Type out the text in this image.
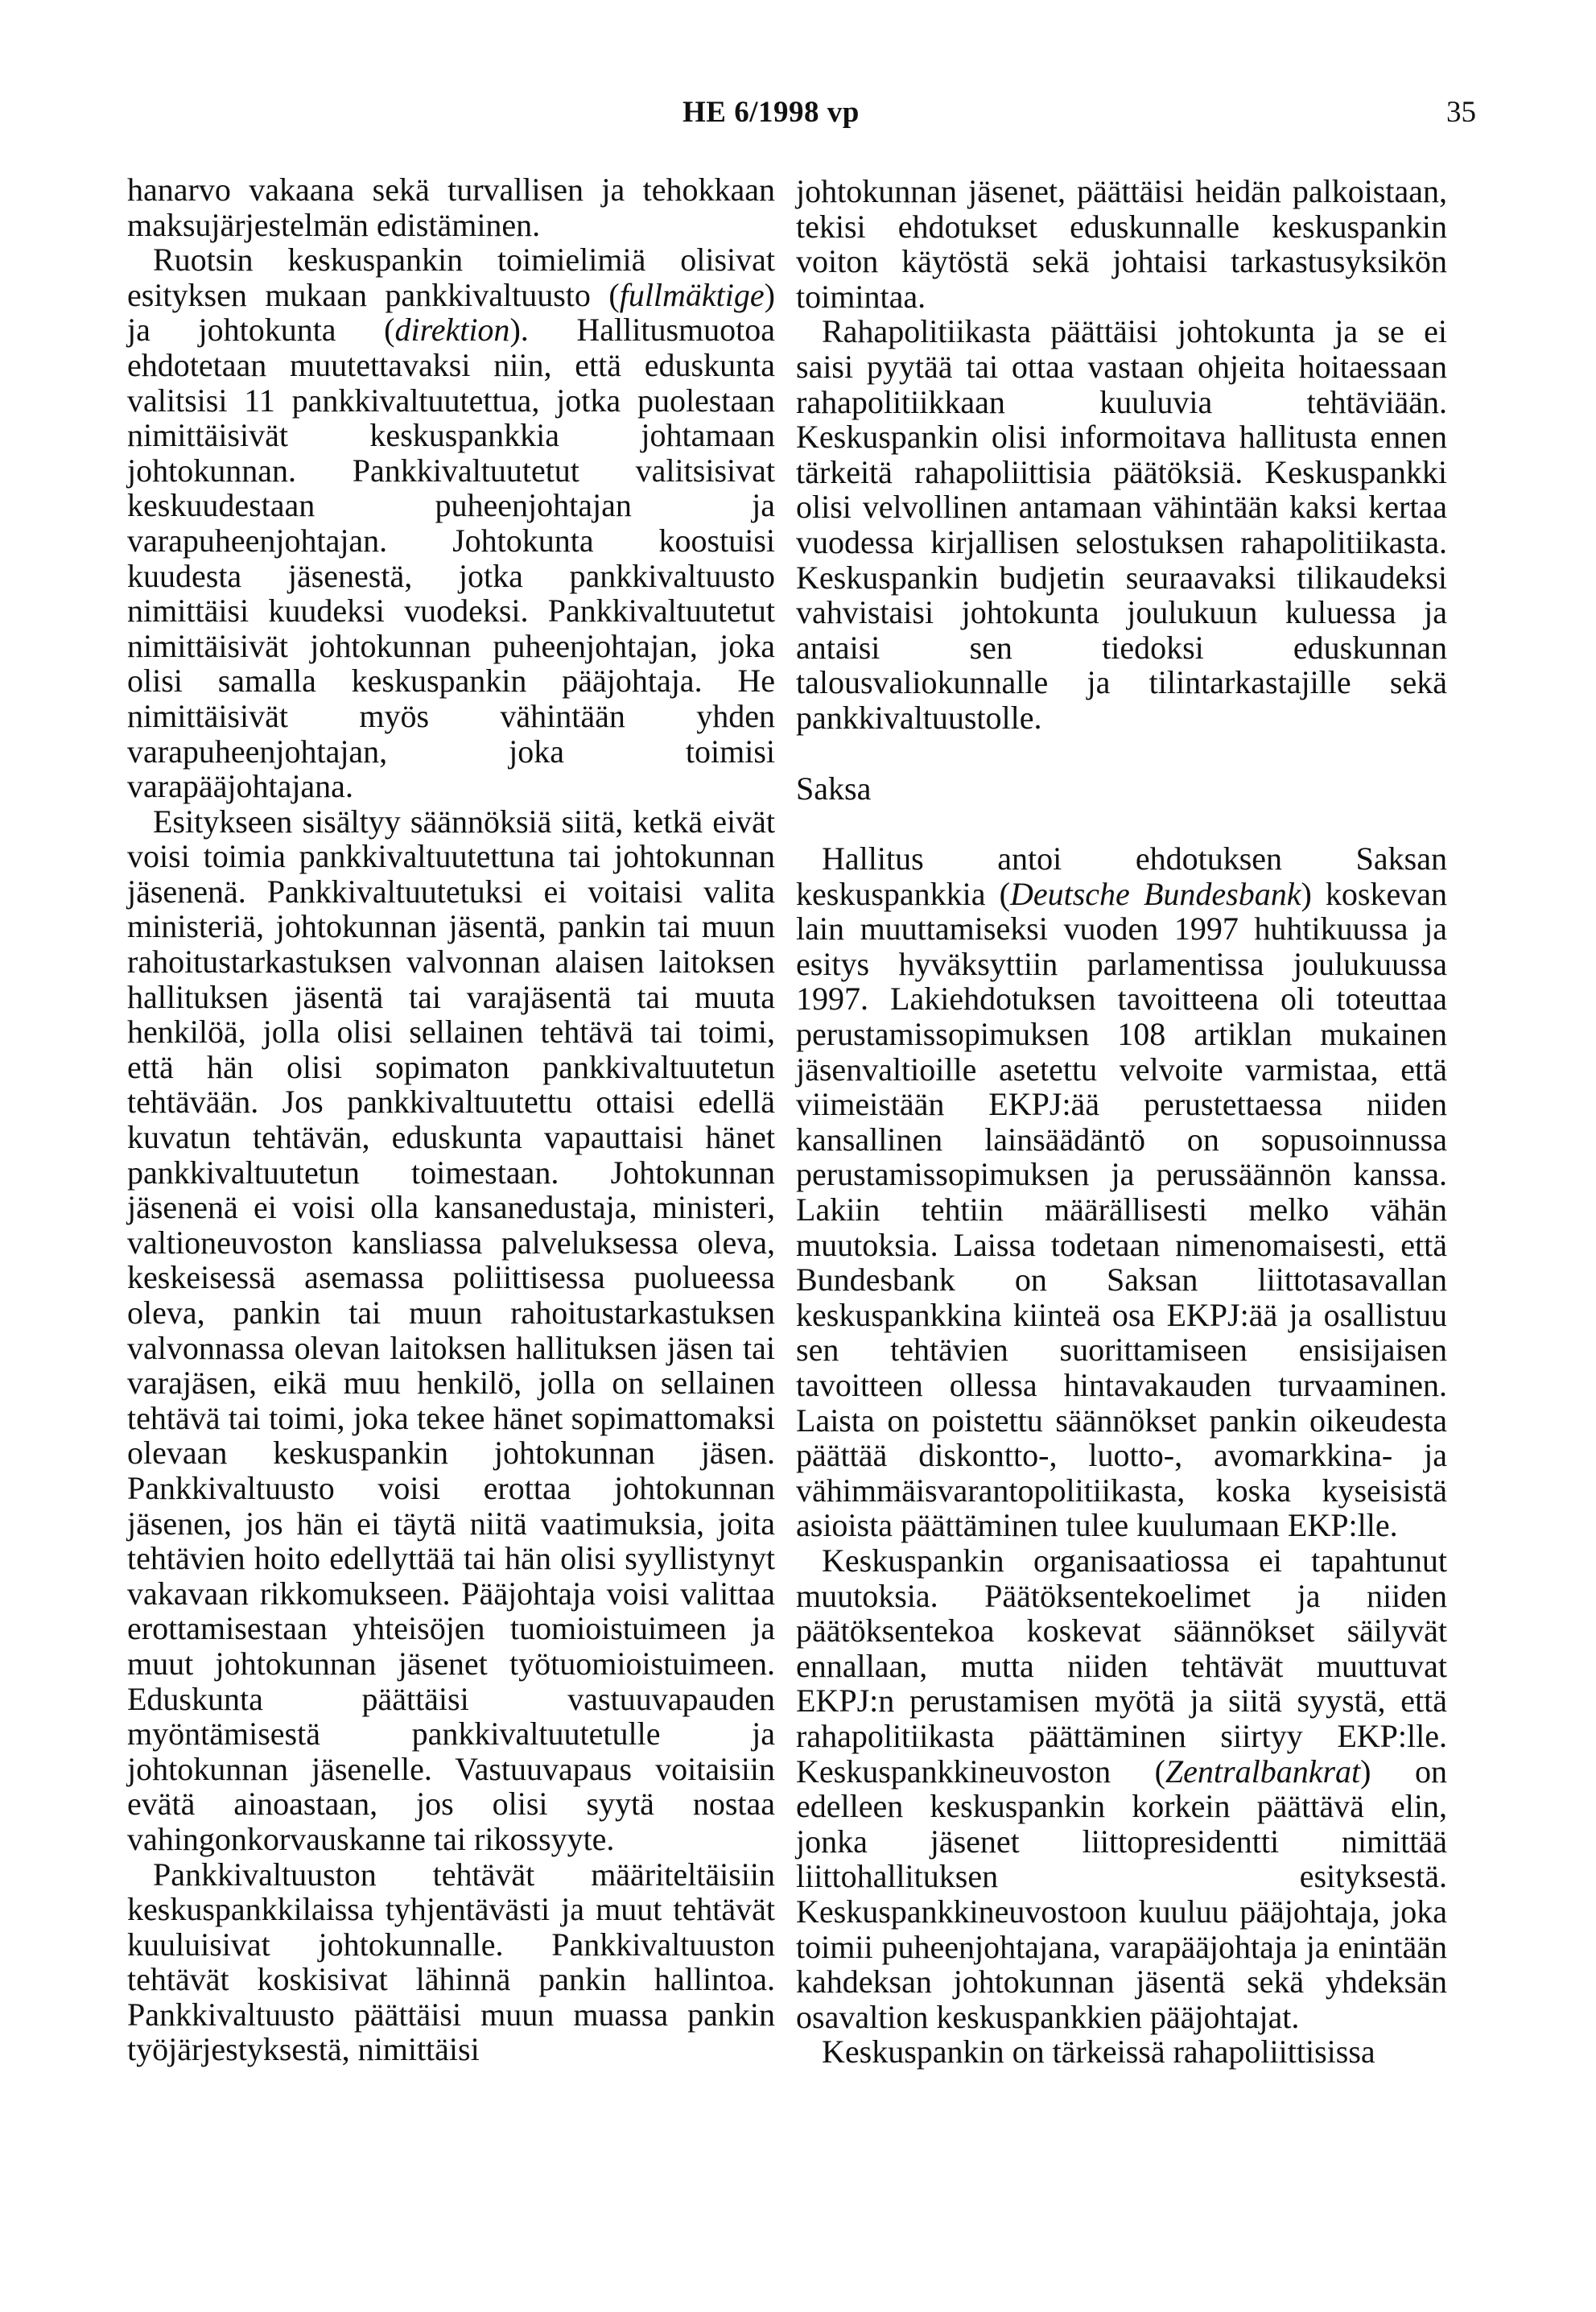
HE 6/1998 vp	35

hanarvo vakaana sekä turvallisen ja tehokkaan maksujärjestelmän edistäminen.

Ruotsin keskuspankin toimielimiä olisivat esityksen mukaan pankkivaltuusto (fullmäktige) ja johtokunta (direktion). Hallitusmuotoa ehdotetaan muutettavaksi niin, että eduskunta valitsisi 11 pankkivaltuutettua, jotka puolestaan nimittäisivät keskuspankkia johtamaan johtokunnan. Pankkivaltuutetut valitsisivat keskuudestaan puheenjohtajan ja varapuheenjohtajan. Johtokunta koostuisi kuudesta jäsenestä, jotka pankkivaltuusto nimittäisi kuudeksi vuodeksi. Pankkivaltuutetut nimittäisivät johtokunnan puheenjohtajan, joka olisi samalla keskuspankin pääjohtaja. He nimittäisivät myös vähintään yhden varapuheenjohtajan, joka toimisi varapääjohtajana.

Esitykseen sisältyy säännöksiä siitä, ketkä eivät voisi toimia pankkivaltuutettuna tai johtokunnan jäsenenä. Pankkivaltuutetuksi ei voitaisi valita ministeriä, johtokunnan jäsentä, pankin tai muun rahoitustarkastuksen valvonnan alaisen laitoksen hallituksen jäsentä tai varajäsentä tai muuta henkilöä, jolla olisi sellainen tehtävä tai toimi, että hän olisi sopimaton pankkivaltuutetun tehtävään. Jos pankkivaltuutettu ottaisi edellä kuvatun tehtävän, eduskunta vapauttaisi hänet pankkivaltuutetun toimestaan. Johtokunnan jäsenenä ei voisi olla kansanedustaja, ministeri, valtioneuvoston kansliassa palveluksessa oleva, keskeisessä asemassa poliittisessa puolueessa oleva, pankin tai muun rahoitustarkastuksen valvonnassa olevan laitoksen hallituksen jäsen tai varajäsen, eikä muu henkilö, jolla on sellainen tehtävä tai toimi, joka tekee hänet sopimattomaksi olevaan keskuspankin johtokunnan jäsen. Pankkivaltuusto voisi erottaa johtokunnan jäsenen, jos hän ei täytä niitä vaatimuksia, joita tehtävien hoito edellyttää tai hän olisi syyllistynyt vakavaan rikkomukseen. Pääjohtaja voisi valittaa erottamisestaan yhteisöjen tuomioistuimeen ja muut johtokunnan jäsenet työtuomioistuimeen. Eduskunta päättäisi vastuuvapauden myöntämisestä pankkivaltuutetulle ja johtokunnan jäsenelle. Vastuuvapaus voitaisiin evätä ainoastaan, jos olisi syytä nostaa vahingonkorvauskanne tai rikossyyte.

Pankkivaltuuston tehtävät määriteltäisiin keskuspankkilaissa tyhjentävästi ja muut tehtävät kuuluisivat johtokunnalle. Pankkivaltuuston tehtävät koskisivat lähinnä pankin hallintoa. Pankkivaltuusto päättäisi muun muassa pankin työjärjestyksestä, nimittäisi

johtokunnan jäsenet, päättäisi heidän palkoistaan, tekisi ehdotukset eduskunnalle keskuspankin voiton käytöstä sekä johtaisi tarkastusyksikön toimintaa.

Rahapolitiikasta päättäisi johtokunta ja se ei saisi pyytää tai ottaa vastaan ohjeita hoitaessaan rahapolitiikkaan kuuluvia tehtäviään. Keskuspankin olisi informoitava hallitusta ennen tärkeitä rahapoliittisia päätöksiä. Keskuspankki olisi velvollinen antamaan vähintään kaksi kertaa vuodessa kirjallisen selostuksen rahapolitiikasta. Keskuspankin budjetin seuraavaksi tilikaudeksi vahvistaisi johtokunta joulukuun kuluessa ja antaisi sen tiedoksi eduskunnan talousvaliokunnalle ja tilintarkastajille sekä pankkivaltuustolle.

Saksa

Hallitus antoi ehdotuksen Saksan keskuspankkia (Deutsche Bundesbank) koskevan lain muuttamiseksi vuoden 1997 huhtikuussa ja esitys hyväksyttiin parlamentissa joulukuussa 1997. Lakiehdotuksen tavoitteena oli toteuttaa perustamissopimuksen 108 artiklan mukainen jäsenvaltioille asetettu velvoite varmistaa, että viimeistään EKPJ:ää perustettaessa niiden kansallinen lainsäädäntö on sopusoinnussa perustamissopimuksen ja perussäännön kanssa. Lakiin tehtiin määrällisesti melko vähän muutoksia. Laissa todetaan nimenomaisesti, että Bundesbank on Saksan liittotasavallan keskuspankkina kiinteä osa EKPJ:ää ja osallistuu sen tehtävien suorittamiseen ensisijaisen tavoitteen ollessa hintavakauden turvaaminen. Laista on poistettu säännökset pankin oikeudesta päättää diskontto-, luotto-, avomarkkina- ja vähimmäisvarantopolitiikasta, koska kyseisistä asioista päättäminen tulee kuulumaan EKP:lle.

Keskuspankin organisaatiossa ei tapahtunut muutoksia. Päätöksentekoelimet ja niiden päätöksentekoa koskevat säännökset säilyvät ennallaan, mutta niiden tehtävät muuttuvat EKPJ:n perustamisen myötä ja siitä syystä, että rahapolitiikasta päättäminen siirtyy EKP:lle. Keskuspankkineuvoston (Zentralbankrat) on edelleen keskuspankin korkein päättävä elin, jonka jäsenet liittopresidentti nimittää liittohallituksen esityksestä. Keskuspankkineuvostoon kuuluu pääjohtaja, joka toimii puheenjohtajana, varapääjohtaja ja enintään kahdeksan johtokunnan jäsentä sekä yhdeksän osavaltion keskuspankkien pääjohtajat.

Keskuspankin on tärkeissä rahapoliittisissa
